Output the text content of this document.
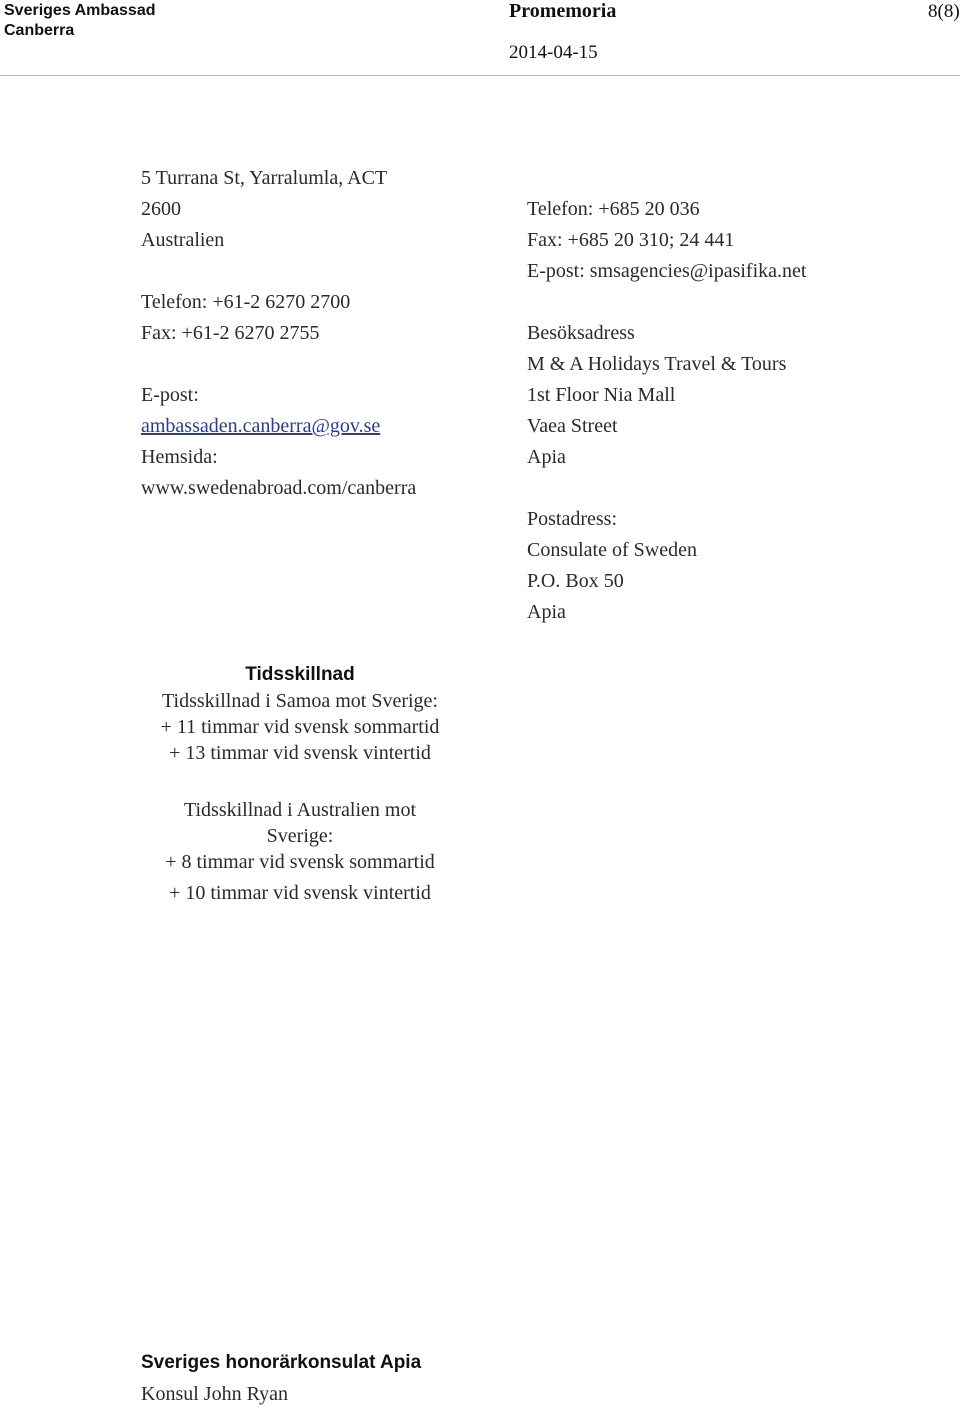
Sveriges Ambassad
Canberra
Promemoria
2014-04-15
8(8)
5 Turrana St, Yarralumla, ACT
2600
Australien
Telefon: +61-2 6270 2700
Fax: +61-2 6270 2755
E-post:
ambassaden.canberra@gov.se
Hemsida:
www.swedenabroad.com/canberra
Telefon: +685 20 036
Fax: +685 20 310; 24 441
E-post: smsagencies@ipasifika.net
Besöksadress
M & A Holidays Travel & Tours
1st Floor Nia Mall
Vaea Street
Apia
Postadress:
Consulate of Sweden
P.O. Box 50
Apia
Tidsskillnad
Tidsskillnad i Samoa mot Sverige:
+ 11 timmar vid svensk sommartid
+ 13 timmar vid svensk vintertid
Tidsskillnad i Australien mot
Sverige:
+ 8 timmar vid svensk sommartid
+ 10 timmar vid svensk vintertid
Sveriges honorärkonsulat Apia
Konsul John Ryan
